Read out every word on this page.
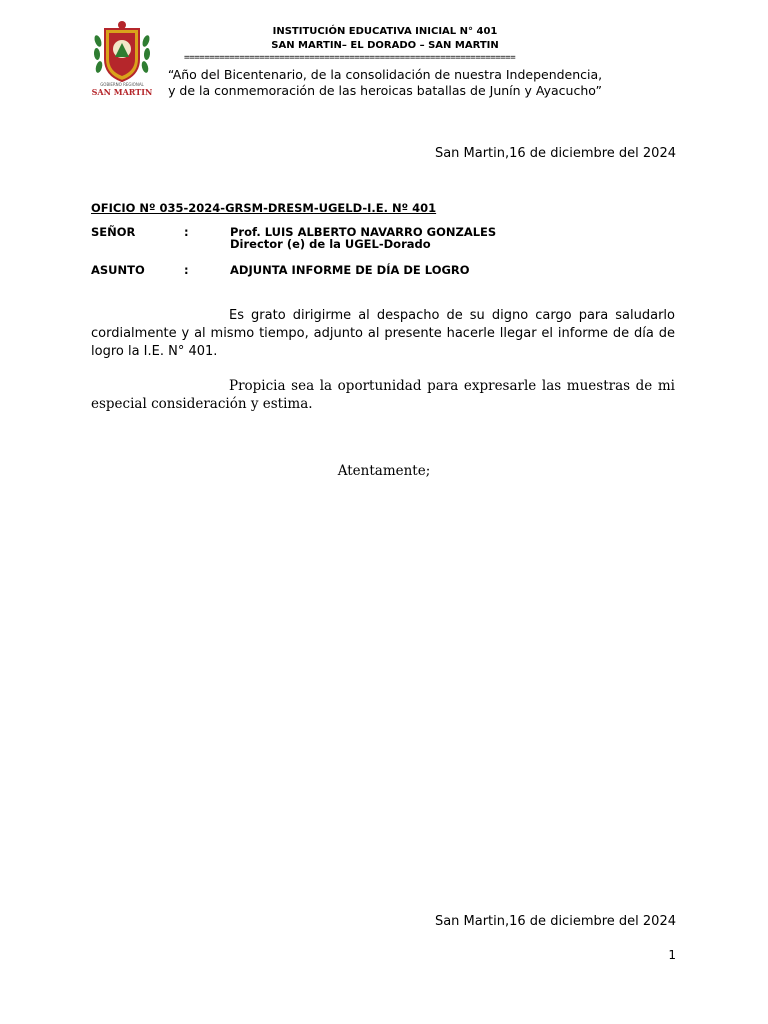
GOBIERNO REGIONAL
SAN MARTIN
INSTITUCIÓN EDUCATIVA INICIAL N° 401
SAN MARTIN– EL DORADO – SAN MARTIN
==================================================================
“Año del Bicentenario, de la consolidación de nuestra Independencia,
y de la conmemoración de las heroicas batallas de Junín y Ayacucho”
San Martin,16 de diciembre del 2024
OFICIO Nº 035-2024-GRSM-DRESM-UGELD-I.E. Nº 401
SEÑOR	:	Prof. LUIS ALBERTO NAVARRO GONZALES
Director (e) de la UGEL-Dorado
ASUNTO	:	ADJUNTA INFORME DE DÍA DE LOGRO
Es grato dirigirme al despacho de su digno cargo para saludarlo cordialmente y al mismo tiempo, adjunto al presente hacerle llegar el informe de día de logro la I.E. N° 401.
Propicia sea la oportunidad para expresarle las muestras de mi especial consideración y estima.
Atentamente;
San Martin,16 de diciembre del 2024
1
